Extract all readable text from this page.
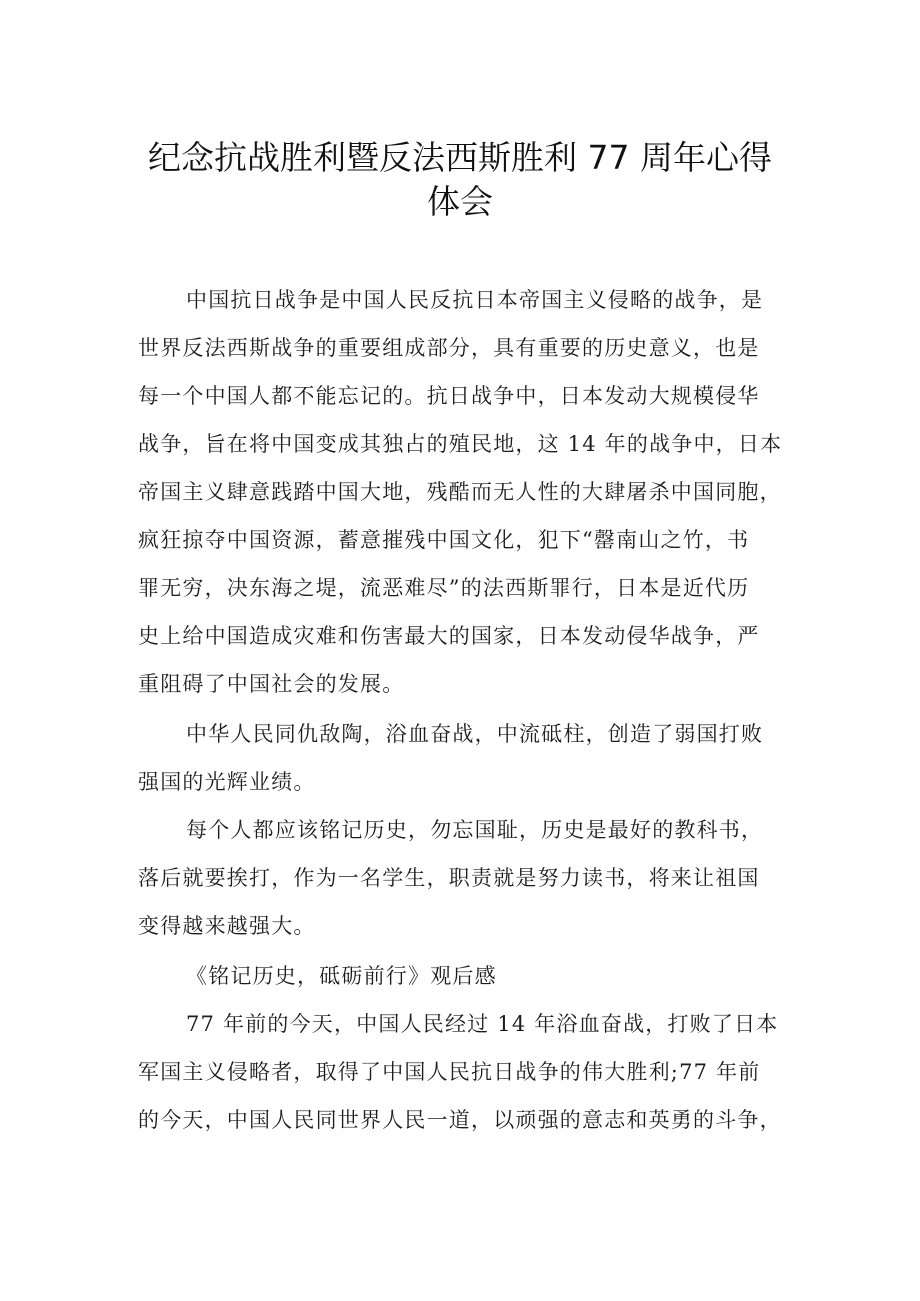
纪念抗战胜利暨反法西斯胜利 77 周年心得
体会
中国抗日战争是中国人民反抗日本帝国主义侵略的战争，是
世界反法西斯战争的重要组成部分，具有重要的历史意义，也是
每一个中国人都不能忘记的。抗日战争中，日本发动大规模侵华
战争，旨在将中国变成其独占的殖民地，这 14 年的战争中，日本
帝国主义肆意践踏中国大地，残酷而无人性的大肆屠杀中国同胞，
疯狂掠夺中国资源，蓄意摧残中国文化，犯下“罄南山之竹，书
罪无穷，决东海之堤，流恶难尽”的法西斯罪行，日本是近代历
史上给中国造成灾难和伤害最大的国家，日本发动侵华战争，严
重阻碍了中国社会的发展。
中华人民同仇敌陶，浴血奋战，中流砥柱，创造了弱国打败
强国的光辉业绩。
每个人都应该铭记历史，勿忘国耻，历史是最好的教科书，
落后就要挨打，作为一名学生，职责就是努力读书，将来让祖国
变得越来越强大。
《铭记历史，砥砺前行》观后感
77 年前的今天，中国人民经过 14 年浴血奋战，打败了日本
军国主义侵略者，取得了中国人民抗日战争的伟大胜利;77 年前
的今天，中国人民同世界人民一道，以顽强的意志和英勇的斗争，
